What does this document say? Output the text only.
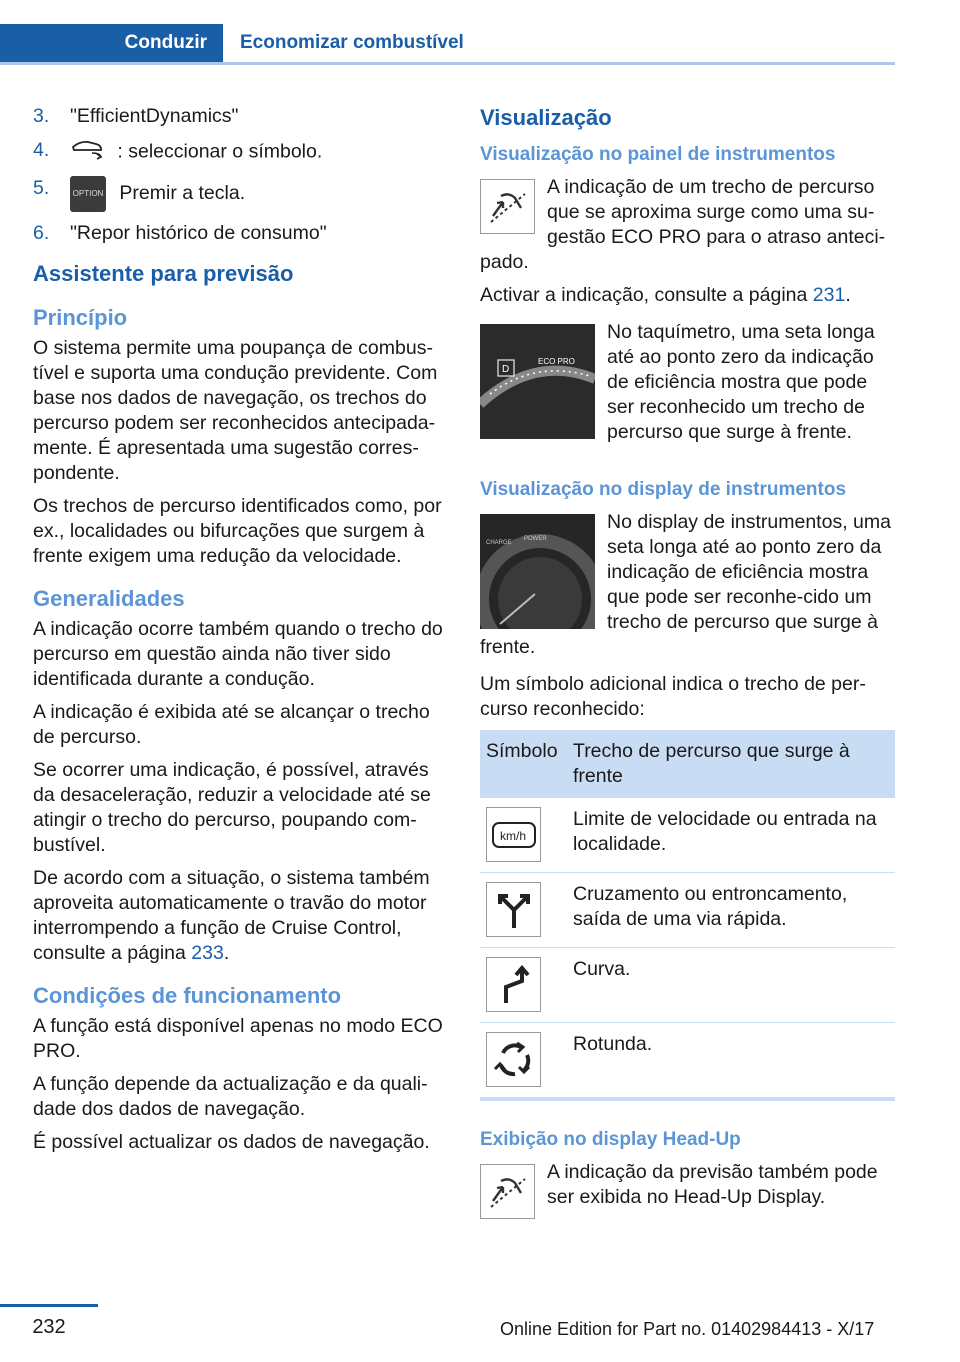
Conduzir	Economizar combustível
3. "EfficientDynamics"
4.	: seleccionar o símbolo.
5.	OPTION Premir a tecla.
6. "Repor histórico de consumo"
Assistente para previsão
Princípio

O sistema permite uma poupança de combus‐tível e suporta uma condução previdente. Com base nos dados de navegação, os trechos do percurso podem ser reconhecidos antecipada‐mente. É apresentada uma sugestão corres‐pondente.

Os trechos de percurso identificados como, por ex., localidades ou bifurcações que surgem à frente exigem uma redução da velocidade.

Generalidades

A indicação ocorre também quando o trecho do percurso em questão ainda não tiver sido identificada durante a condução.

A indicação é exibida até se alcançar o trecho de percurso.

Se ocorrer uma indicação, é possível, através da desaceleração, reduzir a velocidade até se atingir o trecho do percurso, poupando com‐bustível.

De acordo com a situação, o sistema também aproveita automaticamente o travão do motor interrompendo a função de Cruise Control, consulte a página 233.

Condições de funcionamento

A função está disponível apenas no modo ECO PRO.

A função depende da actualização e da quali‐dade dos dados de navegação.

É possível actualizar os dados de navegação.

Visualização
Visualização no painel de instrumentos

A indicação de um trecho de percurso que se aproxima surge como uma su‐gestão ECO PRO para o atraso anteci‐pado.

Activar a indicação, consulte a página 231.

D
ECO PRO

No taquímetro, uma seta longa até ao ponto zero da indicação de eficiência mostra que pode ser reconhecido um trecho de percurso que surge à frente.

Visualização no display de instrumentos
CHARGE
POWER

No display de instrumentos, uma seta longa até ao ponto zero da indicação de eficiência mostra que pode ser reconhe‐cido um trecho de percurso que surge à frente.

Um símbolo adicional indica o trecho de per‐curso reconhecido:

Símbolo	Trecho de percurso que surge à frente

km/h	Limite de velocidade ou entrada na localidade.

	Cruzamento ou entroncamento, saída de uma via rápida.

	Curva.

	Rotunda.
Exibição no display Head-Up

A indicação da previsão também pode ser exibida no Head-Up Display.

232	Online Edition for Part no. 01402984413 - X/17
